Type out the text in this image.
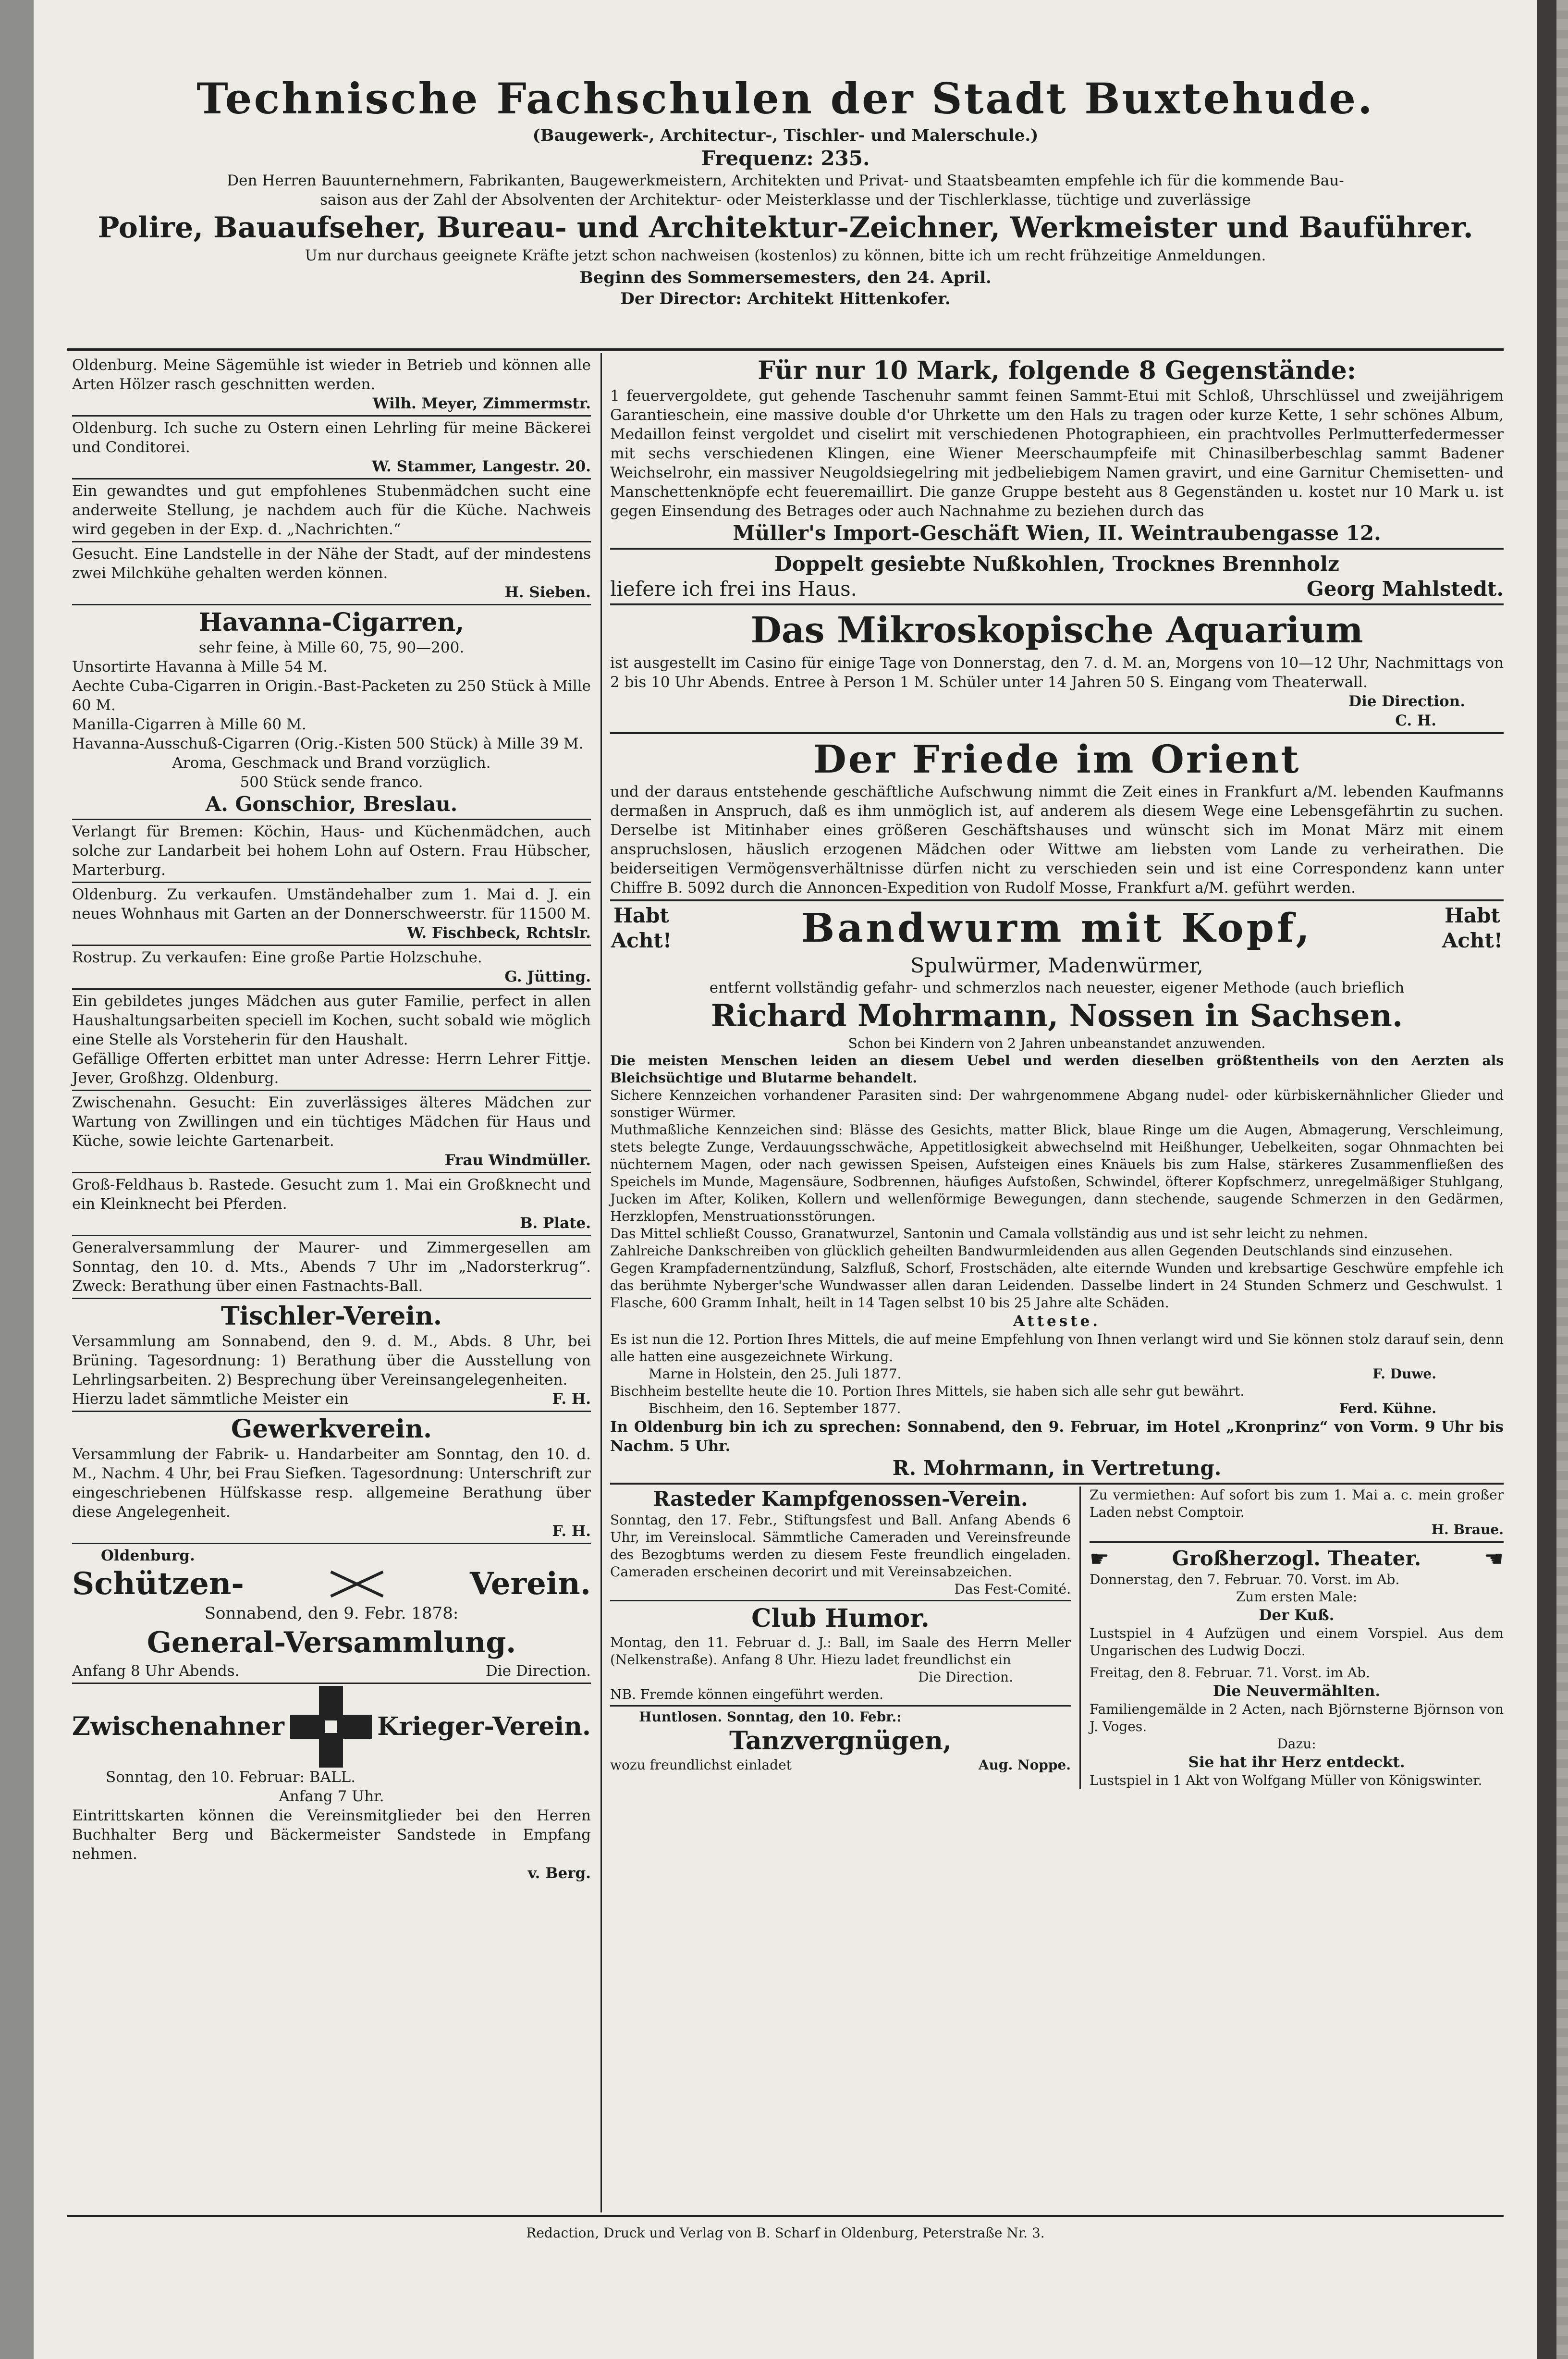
Technische Fachschulen der Stadt Buxtehude.
(Baugewerk-, Architectur-, Tischler- und Malerschule.)
Frequenz: 235.
Den Herren Bauunternehmern, Fabrikanten, Baugewerkmeistern, Architekten und Privat- und Staatsbeamten empfehle ich für die kommende Bau-
saison aus der Zahl der Absolventen der Architektur- oder Meisterklasse und der Tischlerklasse, tüchtige und zuverlässige
Polire, Bauaufseher, Bureau- und Architektur-Zeichner, Werkmeister und Bauführer.
Um nur durchaus geeignete Kräfte jetzt schon nachweisen (kostenlos) zu können, bitte ich um recht frühzeitige Anmeldungen.
Beginn des Sommersemesters, den 24. April.
Der Director: Architekt Hittenkofer.

Oldenburg. Meine Sägemühle ist wieder in Betrieb und können alle Arten Hölzer rasch geschnitten werden.

Wilh. Meyer, Zimmermstr.

Oldenburg. Ich suche zu Ostern einen Lehrling für meine Bäckerei und Conditorei.

W. Stammer, Langestr. 20.

Ein gewandtes und gut empfohlenes Stubenmädchen sucht eine anderweite Stellung, je nachdem auch für die Küche. Nachweis wird gegeben in der Exp. d. „Nachrichten.“

Gesucht. Eine Landstelle in der Nähe der Stadt, auf der mindestens zwei Milchkühe gehalten werden können.

H. Sieben.

Havanna-Cigarren,

sehr feine, à Mille 60, 75, 90—200.

Unsortirte Havanna à Mille 54 M.

Aechte Cuba-Cigarren in Origin.-Bast-Packeten zu 250 Stück à Mille 60 M.

Manilla-Cigarren à Mille 60 M.

Havanna-Ausschuß-Cigarren (Orig.-Kisten 500 Stück) à Mille 39 M.

Aroma, Geschmack und Brand vorzüglich.

500 Stück sende franco.

A. Gonschior, Breslau.

Verlangt für Bremen: Köchin, Haus- und Küchenmädchen, auch solche zur Landarbeit bei hohem Lohn auf Ostern. Frau Hübscher, Marterburg.

Oldenburg. Zu verkaufen. Umständehalber zum 1. Mai d. J. ein neues Wohnhaus mit Garten an der Donnerschweerstr. für 11500 M.

W. Fischbeck, Rchtslr.

Rostrup. Zu verkaufen: Eine große Partie Holzschuhe.

G. Jütting.

Ein gebildetes junges Mädchen aus guter Familie, perfect in allen Haushaltungsarbeiten speciell im Kochen, sucht sobald wie möglich eine Stelle als Vorsteherin für den Haushalt.

Gefällige Offerten erbittet man unter Adresse: Herrn Lehrer Fittje. Jever, Großhzg. Oldenburg.

Zwischenahn. Gesucht: Ein zuverlässiges älteres Mädchen zur Wartung von Zwillingen und ein tüchtiges Mädchen für Haus und Küche, sowie leichte Gartenarbeit.

Frau Windmüller.

Groß-Feldhaus b. Rastede. Gesucht zum 1. Mai ein Großknecht und ein Kleinknecht bei Pferden.

B. Plate.

Generalversammlung der Maurer- und Zimmergesellen am Sonntag, den 10. d. Mts., Abends 7 Uhr im „Nadorsterkrug“. Zweck: Berathung über einen Fastnachts-Ball.

Tischler-Verein.

Versammlung am Sonnabend, den 9. d. M., Abds. 8 Uhr, bei Brüning. Tagesordnung: 1) Berathung über die Ausstellung von Lehrlingsarbeiten. 2) Besprechung über Vereinsangelegenheiten.

Hierzu ladet sämmtliche Meister ein	F. H.

Gewerkverein.

Versammlung der Fabrik- u. Handarbeiter am Sonntag, den 10. d. M., Nachm. 4 Uhr, bei Frau Siefken. Tagesordnung: Unterschrift zur eingeschriebenen Hülfskasse resp. allgemeine Berathung über diese Angelegenheit.

F. H.

Oldenburg.

Schützen-	Verein.

Sonnabend, den 9. Febr. 1878:

General-Versammlung.

Anfang 8 Uhr Abends.	Die Direction.
Zwischenahner	Krieger-Verein.

Sonntag, den 10. Februar: BALL.

Anfang 7 Uhr.

Eintrittskarten können die Vereinsmitglieder bei den Herren Buchhalter Berg und Bäckermeister Sandstede in Empfang nehmen.

v. Berg.

Für nur 10 Mark, folgende 8 Gegenstände:

1 feuervergoldete, gut gehende Taschenuhr sammt feinen Sammt-Etui mit Schloß, Uhrschlüssel und zweijährigem Garantieschein, eine massive double d'or Uhrkette um den Hals zu tragen oder kurze Kette, 1 sehr schönes Album, Medaillon feinst vergoldet und ciselirt mit verschiedenen Photographieen, ein prachtvolles Perlmutterfedermesser mit sechs verschiedenen Klingen, eine Wiener Meerschaumpfeife mit Chinasilberbeschlag sammt Badener Weichselrohr, ein massiver Neugoldsiegelring mit jedbeliebigem Namen gravirt, und eine Garnitur Chemisetten- und Manschettenknöpfe echt feueremaillirt. Die ganze Gruppe besteht aus 8 Gegenständen u. kostet nur 10 Mark u. ist gegen Einsendung des Betrages oder auch Nachnahme zu beziehen durch das

Müller's Import-Geschäft Wien, II. Weintraubengasse 12.

Doppelt gesiebte Nußkohlen, Trocknes Brennholz

liefere ich frei ins Haus.	Georg Mahlstedt.

Das Mikroskopische Aquarium

ist ausgestellt im Casino für einige Tage von Donnerstag, den 7. d. M. an, Morgens von 10—12 Uhr, Nachmittags von 2 bis 10 Uhr Abends. Entree à Person 1 M. Schüler unter 14 Jahren 50 S. Eingang vom Theaterwall.

Die Direction.

C. H.

Der Friede im Orient

und der daraus entstehende geschäftliche Aufschwung nimmt die Zeit eines in Frankfurt a/M. lebenden Kaufmanns dermaßen in Anspruch, daß es ihm unmöglich ist, auf anderem als diesem Wege eine Lebensgefährtin zu suchen. Derselbe ist Mitinhaber eines größeren Geschäftshauses und wünscht sich im Monat März mit einem anspruchslosen, häuslich erzogenen Mädchen oder Wittwe am liebsten vom Lande zu verheirathen. Die beiderseitigen Vermögensverhältnisse dürfen nicht zu verschieden sein und ist eine Correspondenz kann unter Chiffre B. 5092 durch die Annoncen-Expedition von Rudolf Mosse, Frankfurt a/M. geführt werden.

Habt Acht!	Bandwurm mit Kopf,	Habt Acht!

Spulwürmer, Madenwürmer,

entfernt vollständig gefahr- und schmerzlos nach neuester, eigener Methode (auch brieflich

Richard Mohrmann, Nossen in Sachsen.

Schon bei Kindern von 2 Jahren unbeanstandet anzuwenden.

Die meisten Menschen leiden an diesem Uebel und werden dieselben größtentheils von den Aerzten als Bleichsüchtige und Blutarme behandelt.

Sichere Kennzeichen vorhandener Parasiten sind: Der wahrgenommene Abgang nudel- oder kürbiskernähnlicher Glieder und sonstiger Würmer.

Muthmaßliche Kennzeichen sind: Blässe des Gesichts, matter Blick, blaue Ringe um die Augen, Abmagerung, Verschleimung, stets belegte Zunge, Verdauungsschwäche, Appetitlosigkeit abwechselnd mit Heißhunger, Uebelkeiten, sogar Ohnmachten bei nüchternem Magen, oder nach gewissen Speisen, Aufsteigen eines Knäuels bis zum Halse, stärkeres Zusammenfließen des Speichels im Munde, Magensäure, Sodbrennen, häufiges Aufstoßen, Schwindel, öfterer Kopfschmerz, unregelmäßiger Stuhlgang, Jucken im After, Koliken, Kollern und wellenförmige Bewegungen, dann stechende, saugende Schmerzen in den Gedärmen, Herzklopfen, Menstruationsstörungen.

Das Mittel schließt Cousso, Granatwurzel, Santonin und Camala vollständig aus und ist sehr leicht zu nehmen.

Zahlreiche Dankschreiben von glücklich geheilten Bandwurmleidenden aus allen Gegenden Deutschlands sind einzusehen.

Gegen Krampfadernentzündung, Salzfluß, Schorf, Frostschäden, alte eiternde Wunden und krebsartige Geschwüre empfehle ich das berühmte Nyberger'sche Wundwasser allen daran Leidenden. Dasselbe lindert in 24 Stunden Schmerz und Geschwulst. 1 Flasche, 600 Gramm Inhalt, heilt in 14 Tagen selbst 10 bis 25 Jahre alte Schäden.

Atteste.

Es ist nun die 12. Portion Ihres Mittels, die auf meine Empfehlung von Ihnen verlangt wird und Sie können stolz darauf sein, denn alle hatten eine ausgezeichnete Wirkung.

Marne in Holstein, den 25. Juli 1877.	F. Duwe.

Bischheim bestellte heute die 10. Portion Ihres Mittels, sie haben sich alle sehr gut bewährt.

Bischheim, den 16. September 1877.	Ferd. Kühne.

In Oldenburg bin ich zu sprechen: Sonnabend, den 9. Februar, im Hotel „Kronprinz“ von Vorm. 9 Uhr bis Nachm. 5 Uhr.

R. Mohrmann, in Vertretung.

Rasteder Kampfgenossen-Verein.

Sonntag, den 17. Febr., Stiftungsfest und Ball. Anfang Abends 6 Uhr, im Vereinslocal. Sämmtliche Cameraden und Vereinsfreunde des Bezogbtums werden zu diesem Feste freundlich eingeladen. Cameraden erscheinen decorirt und mit Vereinsabzeichen.

Das Fest-Comité.

Club Humor.

Montag, den 11. Februar d. J.: Ball, im Saale des Herrn Meller (Nelkenstraße). Anfang 8 Uhr. Hiezu ladet freundlichst ein

Die Direction.

NB. Fremde können eingeführt werden.

Huntlosen. Sonntag, den 10. Febr.:

Tanzvergnügen,

wozu freundlichst einladet	Aug. Noppe.

Zu vermiethen: Auf sofort bis zum 1. Mai a. c. mein großer Laden nebst Comptoir.

H. Braue.

☛	Großherzogl. Theater.	☚

Donnerstag, den 7. Februar. 70. Vorst. im Ab.

Zum ersten Male:

Der Kuß.

Lustspiel in 4 Aufzügen und einem Vorspiel. Aus dem Ungarischen des Ludwig Doczi.

Freitag, den 8. Februar. 71. Vorst. im Ab.

Die Neuvermählten.

Familiengemälde in 2 Acten, nach Björnsterne Björnson von J. Voges.

Dazu:

Sie hat ihr Herz entdeckt.

Lustspiel in 1 Akt von Wolfgang Müller von Königswinter.

Redaction, Druck und Verlag von B. Scharf in Oldenburg, Peterstraße Nr. 3.
